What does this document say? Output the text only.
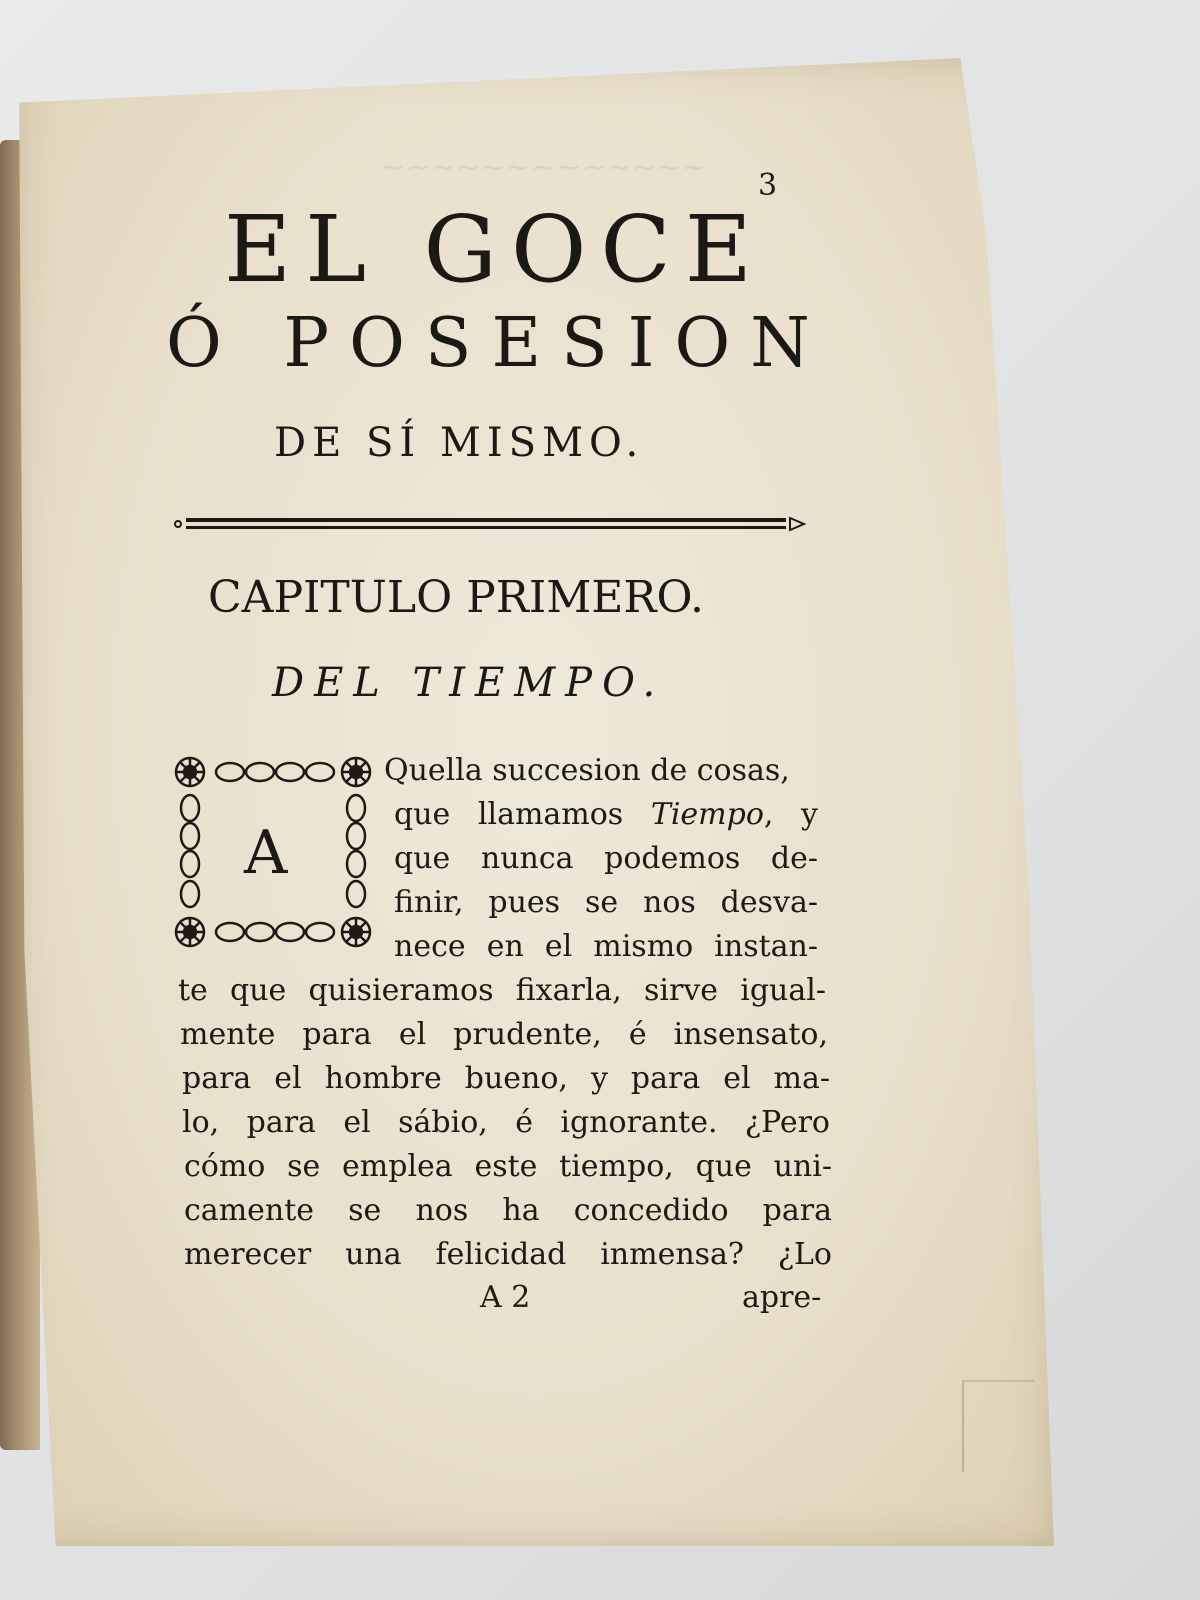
~~~~~~~~~~~~~
3
EL GOCE
Ó POSESION
DE SÍ MISMO.
CAPITULO PRIMERO.
DEL TIEMPO.
A
Quella succesion de cosas,
que llamamos Tiempo, y
que nunca podemos de-
finir, pues se nos desva-
nece en el mismo instan-
te que quisieramos fixarla, sirve igual-
mente para el prudente, é insensato,
para el hombre bueno, y para el ma-
lo, para el sábio, é ignorante. ¿Pero
cómo se emplea este tiempo, que uni-
camente se nos ha concedido para
merecer una felicidad inmensa? ¿Lo
A 2	apre-
